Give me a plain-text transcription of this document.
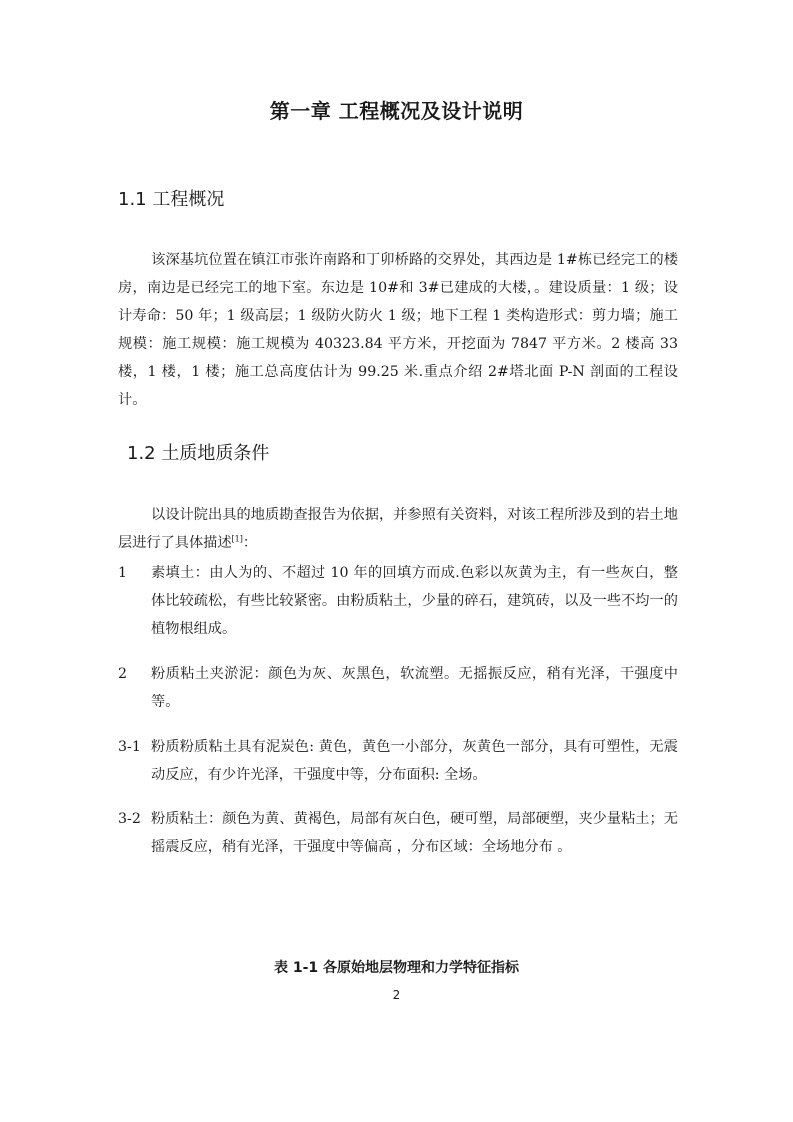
第一章 工程概况及设计说明
1.1 工程概况
该深基坑位置在镇江市张许南路和丁卯桥路的交界处，其西边是 1#栋已经完工的楼房，南边是已经完工的地下室。东边是 10#和 3#已建成的大楼，。建设质量：1 级；设计寿命：50 年；1 级高层；1 级防火防火 1 级；地下工程 1 类构造形式：剪力墙；施工规模：施工规模：施工规模为 40323.84 平方米，开挖面为 7847 平方米。2 楼高 33 楼，1 楼，1 楼；施工总高度估计为 99.25 米.重点介绍 2#塔北面 P-N 剖面的工程设计。
1.2 土质地质条件
以设计院出具的地质勘查报告为依据，并参照有关资料，对该工程所涉及到的岩土地层进行了具体描述[1]：
1 素填土：由人为的、不超过 10 年的回填方而成.色彩以灰黄为主，有一些灰白，整体比较疏松，有些比较紧密。由粉质粘土，少量的碎石，建筑砖，以及一些不均一的植物根组成。
2 粉质粘土夹淤泥：颜色为灰、灰黑色，软流塑。无摇振反应，稍有光泽，干强度中等。
3-1 粉质粉质粘土具有泥炭色: 黄色，黄色一小部分，灰黄色一部分，具有可塑性，无震动反应，有少许光泽，干强度中等，分布面积: 全场。
3-2 粉质粘土：颜色为黄、黄褐色，局部有灰白色，硬可塑，局部硬塑，夹少量粘土；无摇震反应，稍有光泽，干强度中等偏高 ，分布区域：全场地分布 。
表 1-1 各原始地层物理和力学特征指标
2
